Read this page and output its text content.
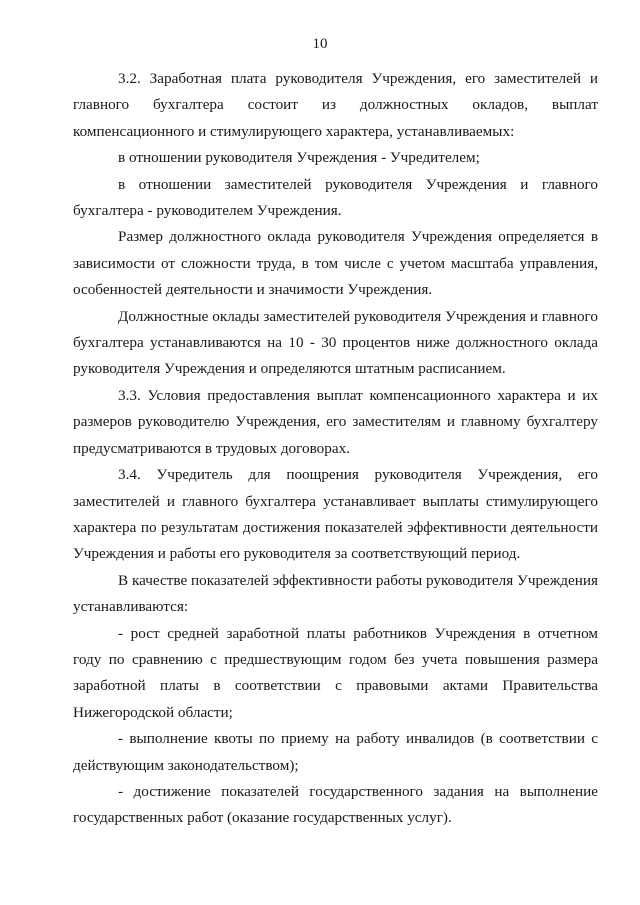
10

3.2. Заработная плата руководителя Учреждения, его заместителей и главного бухгалтера состоит из должностных окладов, выплат компенсационного и стимулирующего характера, устанавливаемых:

в отношении руководителя Учреждения - Учредителем;

в отношении заместителей руководителя Учреждения и главного бухгалтера - руководителем Учреждения.

Размер должностного оклада руководителя Учреждения определяется в зависимости от сложности труда, в том числе с учетом масштаба управления, особенностей деятельности и значимости Учреждения.

Должностные оклады заместителей руководителя Учреждения и главного бухгалтера устанавливаются на 10 - 30 процентов ниже должностного оклада руководителя Учреждения и определяются штатным расписанием.

3.3. Условия предоставления выплат компенсационного характера и их размеров руководителю Учреждения, его заместителям и главному бухгалтеру предусматриваются в трудовых договорах.

3.4. Учредитель для поощрения руководителя Учреждения, его заместителей и главного бухгалтера устанавливает выплаты стимулирующего характера по результатам достижения показателей эффективности деятельности Учреждения и работы его руководителя за соответствующий период.

В качестве показателей эффективности работы руководителя Учреждения устанавливаются:

- рост средней заработной платы работников Учреждения в отчетном году по сравнению с предшествующим годом без учета повышения размера заработной платы в соответствии с правовыми актами Правительства Нижегородской области;

- выполнение квоты по приему на работу инвалидов (в соответствии с действующим законодательством);

- достижение показателей государственного задания на выполнение государственных работ (оказание государственных услуг).
